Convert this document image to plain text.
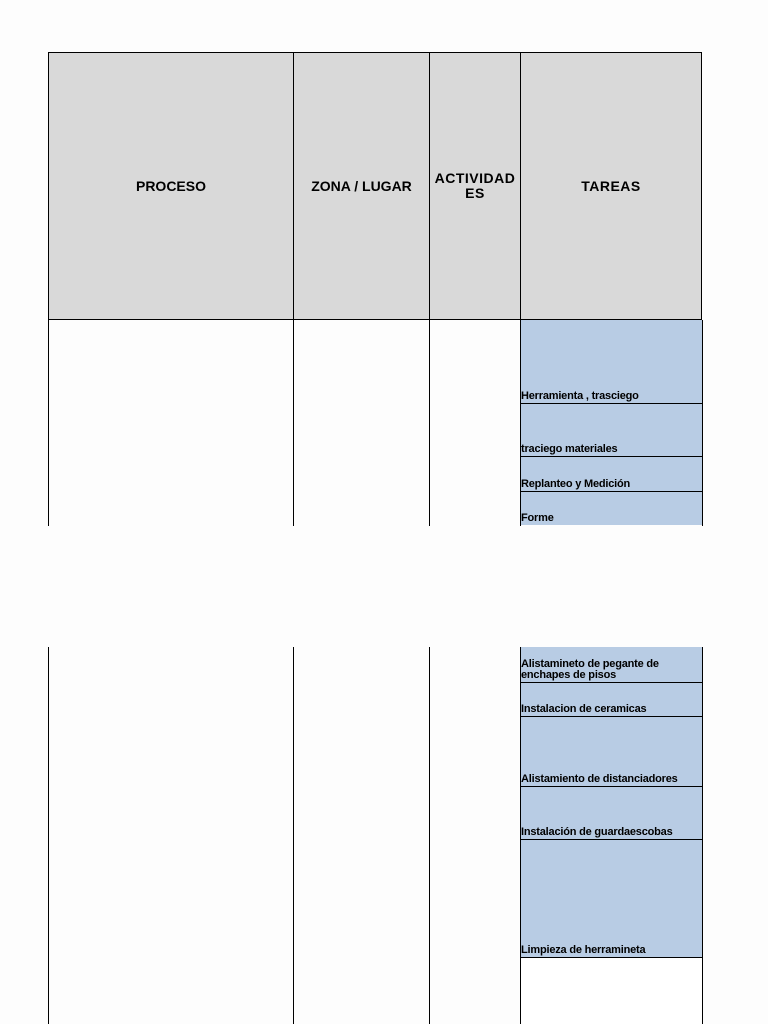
PROCESO	ZONA / LUGAR ACTIVIDAD ES	TAREAS
Herramienta , trasciego
traciego materiales
Replanteo y Medición
Forme
Alistamineto de pegante de enchapes de pisos
Instalacion de ceramicas
Alistamiento de distanciadores
Instalación de guardaescobas
Limpieza de herramineta
